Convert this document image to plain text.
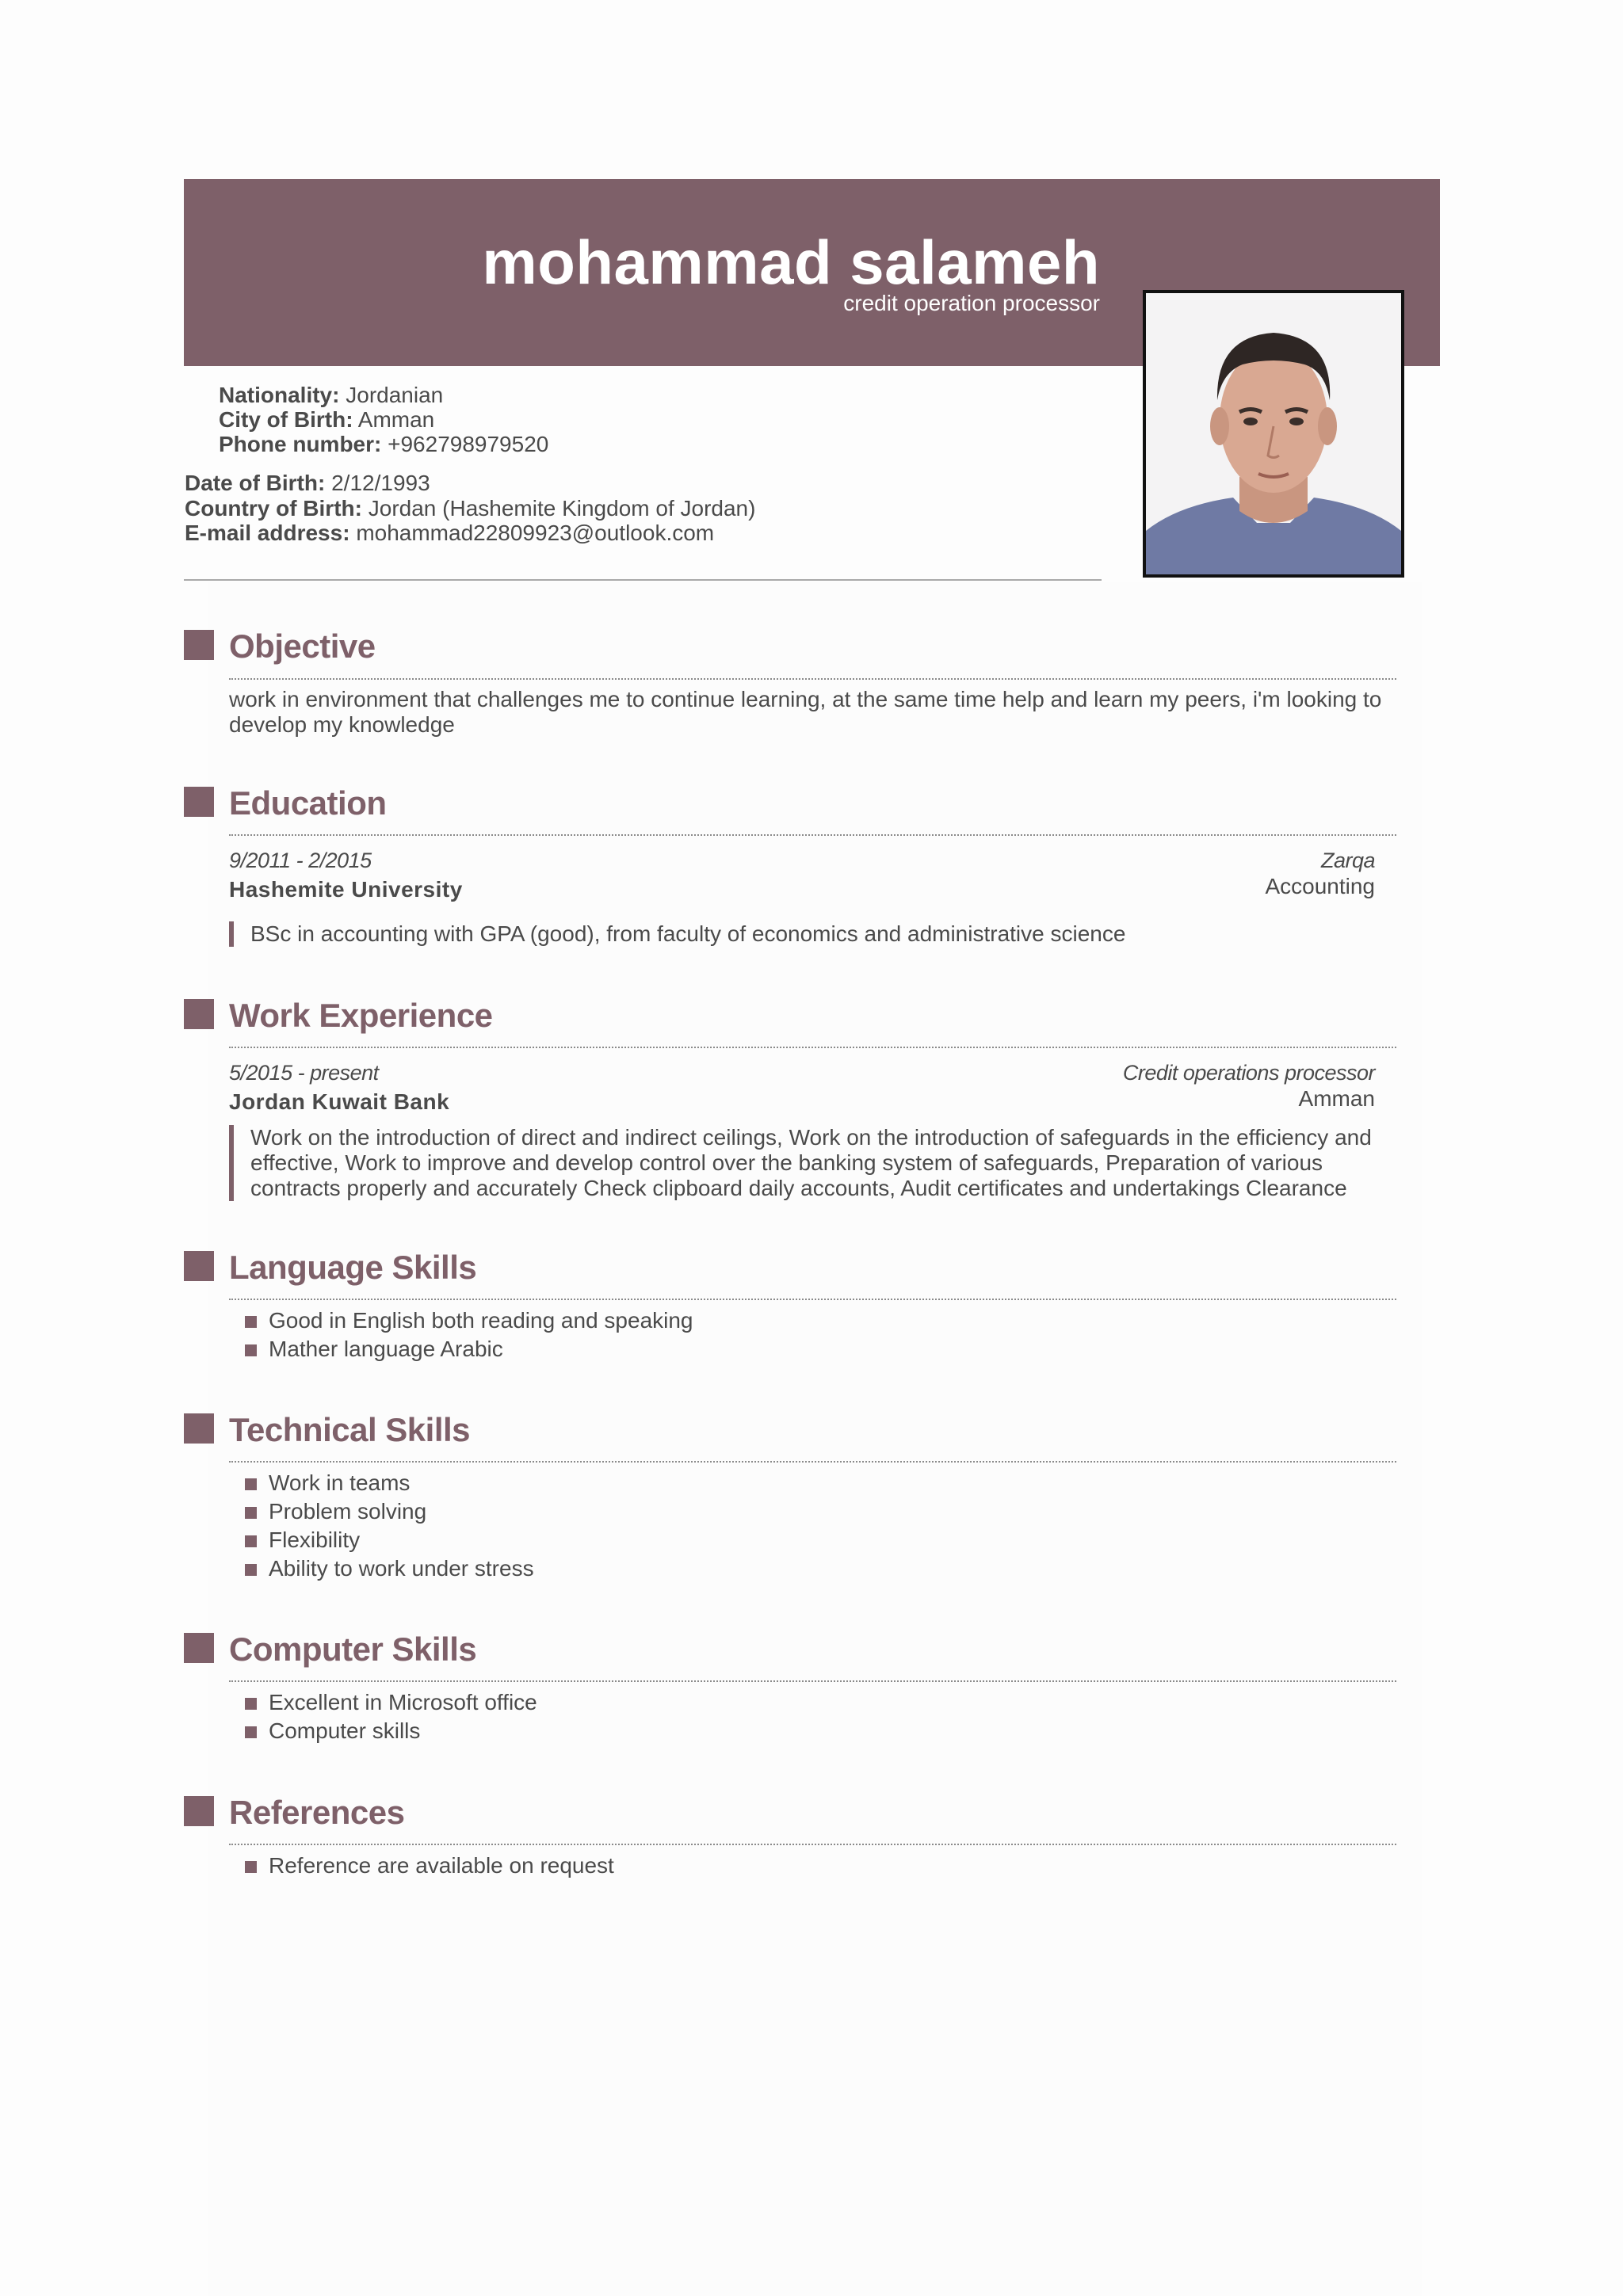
mohammad salameh
credit operation processor
Nationality: Jordanian
City of Birth: Amman
Phone number: +962798979520
Date of Birth: 2/12/1993
Country of Birth: Jordan (Hashemite Kingdom of Jordan)
E-mail address: mohammad22809923@outlook.com
Objective
work in environment that challenges me to continue learning, at the same time help and learn my peers, i'm looking to
develop my knowledge
Education
9/2011 - 2/2015	Zarqa
Hashemite University	Accounting
BSc in accounting with GPA (good), from faculty of economics and administrative science
Work Experience
5/2015 - present	Credit operations processor
Jordan Kuwait Bank	Amman
Work on the introduction of direct and indirect ceilings, Work on the introduction of safeguards in the efficiency and
effective, Work to improve and develop control over the banking system of safeguards, Preparation of various
contracts properly and accurately Check clipboard daily accounts, Audit certificates and undertakings Clearance
Language Skills
Good in English both reading and speaking
Mather language Arabic
Technical Skills
Work in teams
Problem solving
Flexibility
Ability to work under stress
Computer Skills
Excellent in Microsoft office
Computer skills
References
Reference are available on request
